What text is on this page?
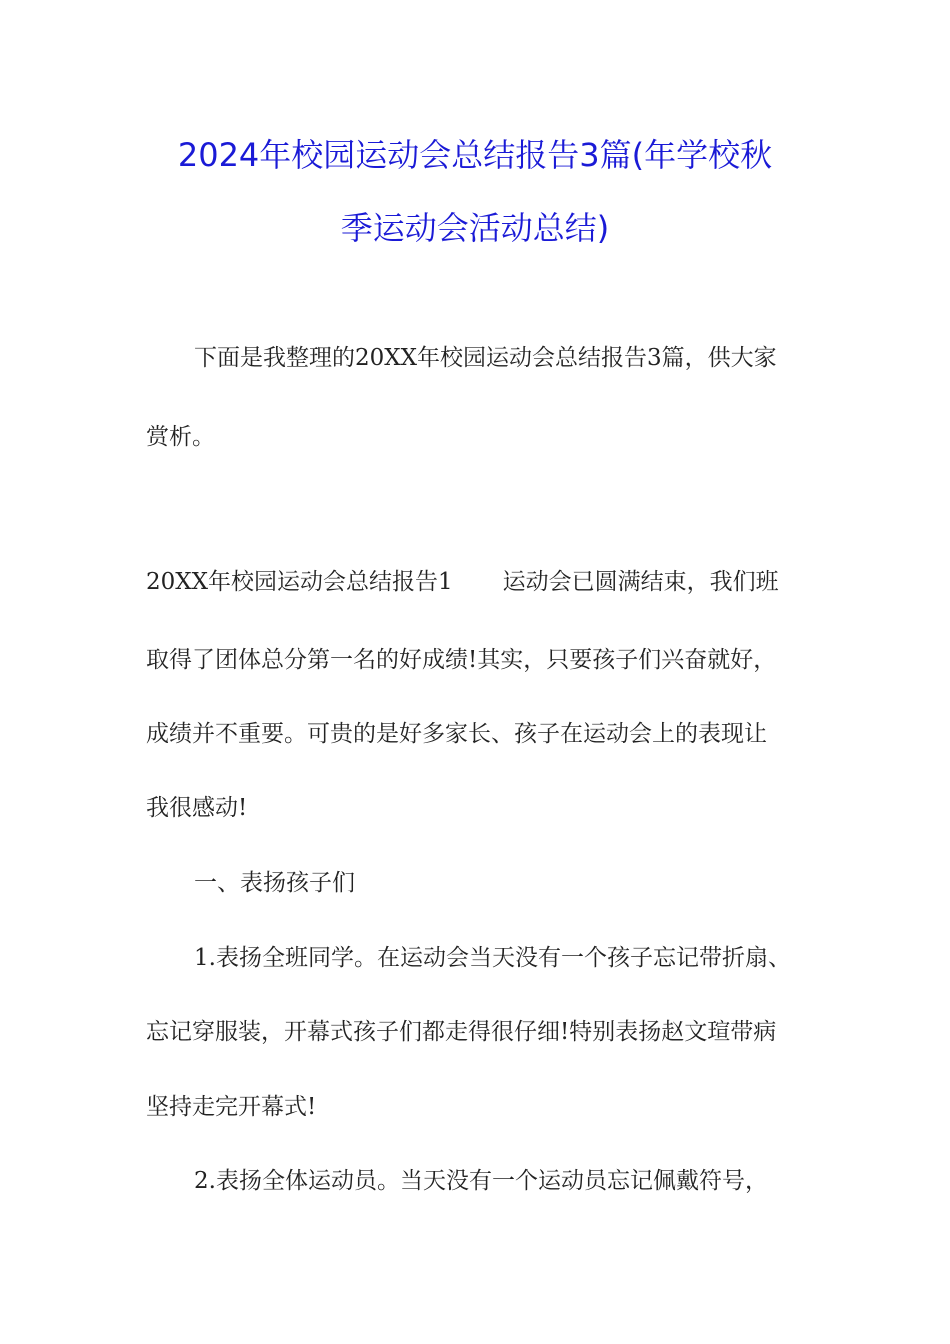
2024年校园运动会总结报告3篇(年学校秋
季运动会活动总结)
下面是我整理的20XX年校园运动会总结报告3篇，供大家
赏析。
20XX年校园运动会总结报告1 运动会已圆满结束，我们班
取得了团体总分第一名的好成绩!其实，只要孩子们兴奋就好，
成绩并不重要。可贵的是好多家长、孩子在运动会上的表现让
我很感动!
一、表扬孩子们
1.表扬全班同学。在运动会当天没有一个孩子忘记带折扇、
忘记穿服装，开幕式孩子们都走得很仔细!特别表扬赵文瑄带病
坚持走完开幕式!
2.表扬全体运动员。当天没有一个运动员忘记佩戴符号，
